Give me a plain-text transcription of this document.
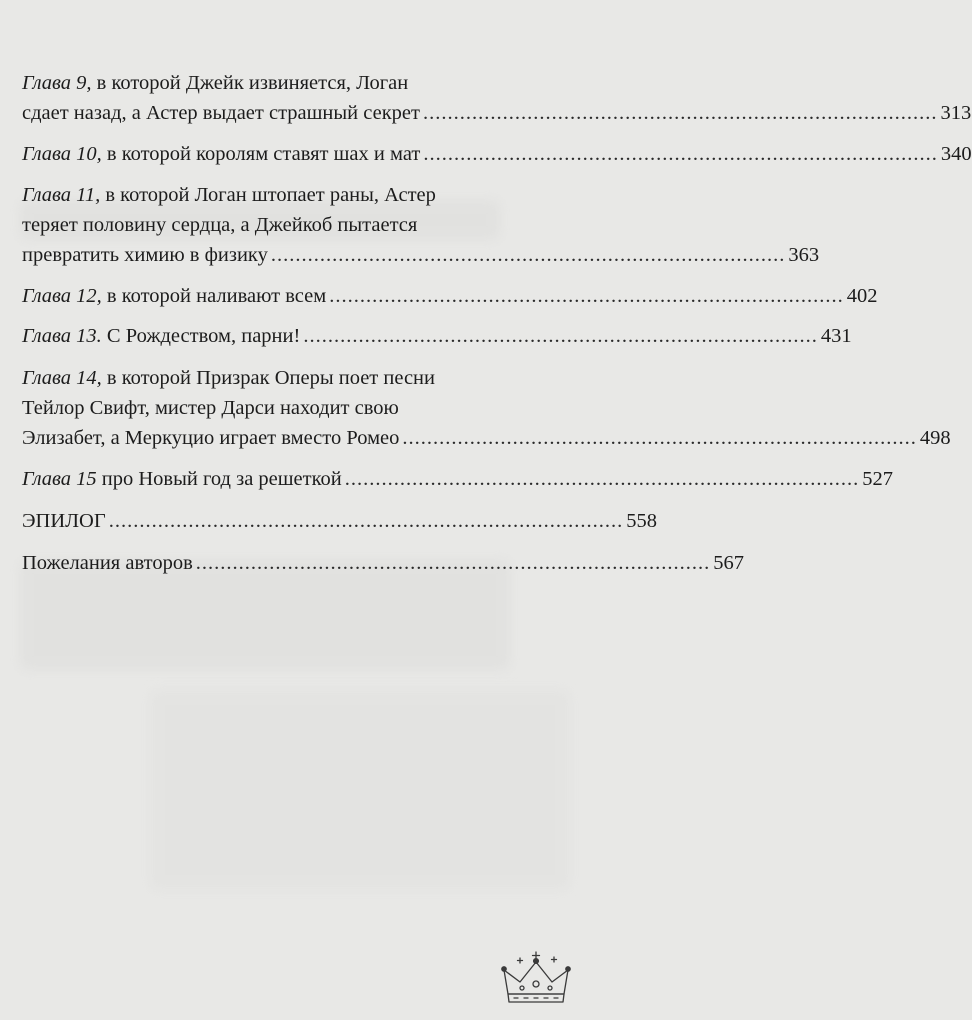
Глава 9, в которой Джейк извиняется, Логан
сдает назад, а Астер выдает страшный секрет .................................................................................... 313
Глава 10,
в которой королям ставят шах и мат .................................................................................... 340
Глава 11, в которой Логан штопает раны, Астер
теряет половину сердца, а Джейкоб пытается
превратить химию в физику .................................................................................... 363
Глава 12,
в которой наливают всем .................................................................................... 402
Глава 13.
С Рождеством, парни! .................................................................................... 431
Глава 14, в которой Призрак Оперы поет песни
Тейлор Свифт, мистер Дарси находит свою
Элизабет, а Меркуцио играет вместо Ромео .................................................................................... 498
Глава 15
про Новый год за решеткой .................................................................................... 527
ЭПИЛОГ .................................................................................... 558
Пожелания авторов .................................................................................... 567
